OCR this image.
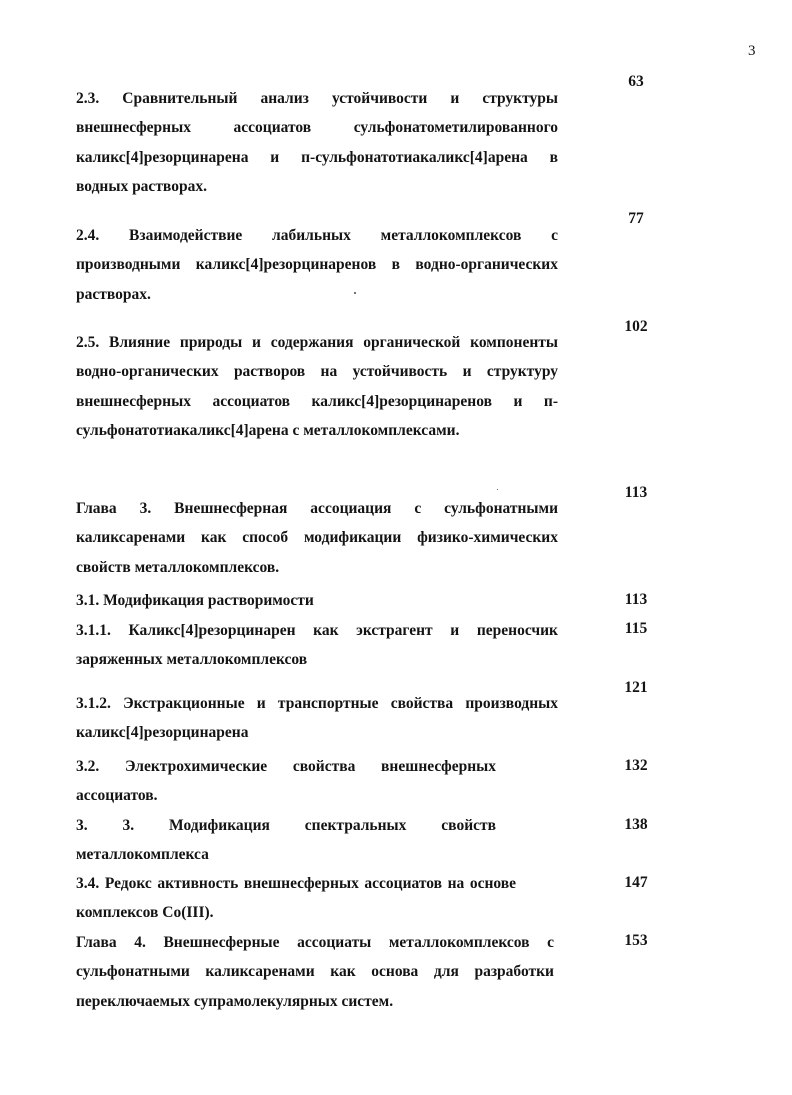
3

2.3. Сравнительный анализ устойчивости и структуры внешнесферных ассоциатов сульфонатометилированного каликс[4]резорцинарена и п-сульфонатотиакаликс[4]арена в водных растворах.

63

2.4. Взаимодействие лабильных металлокомплексов с производными каликс[4]резорцинаренов в водно-органических растворах.

77

2.5. Влияние природы и содержания органической компоненты водно-органических растворов на устойчивость и структуру внешнесферных ассоциатов каликс[4]резорцинаренов и п-сульфонатотиакаликс[4]арена с металлокомплексами.

102

Глава 3. Внешнесферная ассоциация с сульфонатными каликсаренами как способ модификации физико-химических свойств металлокомплексов.

113

3.1. Модификация растворимости	113

3.1.1. Каликс[4]резорцинарен как экстрагент и переносчик заряженных металлокомплексов

115

3.1.2. Экстракционные и транспортные свойства производных каликс[4]резорцинарена

121

3.2. Электрохимические свойства внешнесферных ассоциатов.

132

3. 3. Модификация спектральных свойств металлокомплекса

138

3.4. Редокс активность внешнесферных ассоциатов на основе комплексов Co(III).

147

Глава 4. Внешнесферные ассоциаты металлокомплексов с сульфонатными каликсаренами как основа для разработки переключаемых супрамолекулярных систем.

153
